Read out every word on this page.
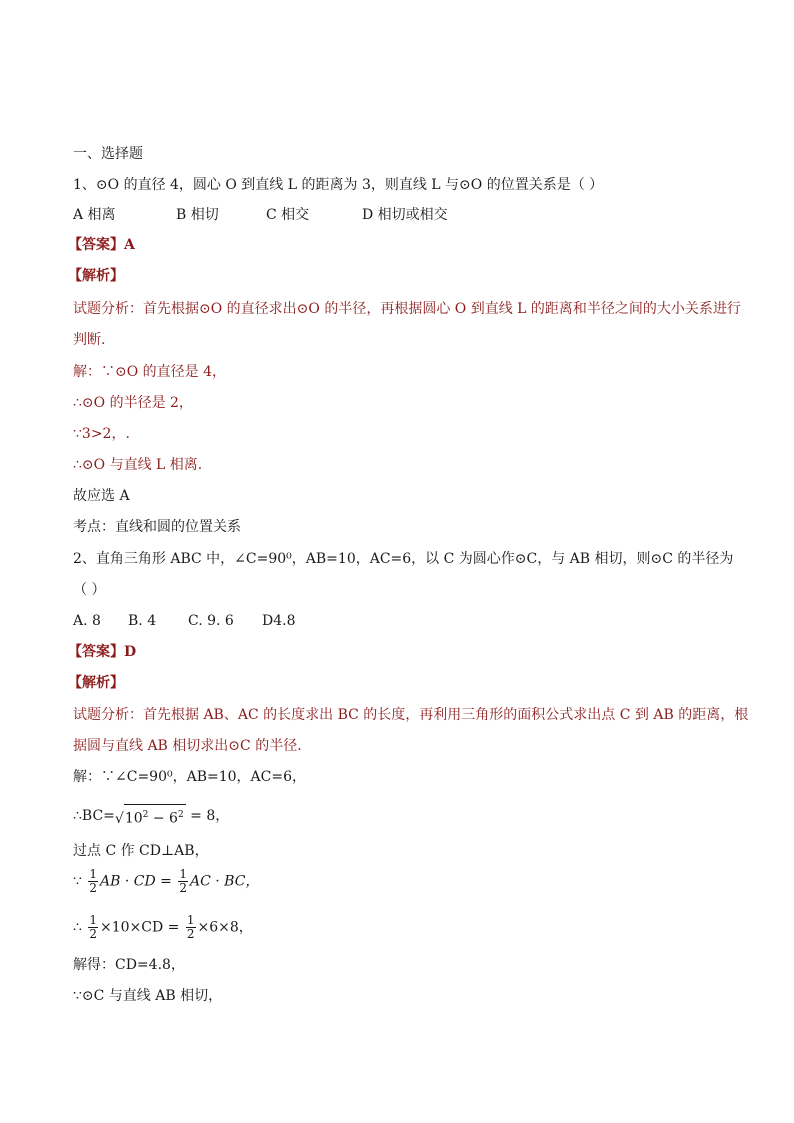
一、选择题
1、⊙O 的直径 4，圆心 O 到直线 L 的距离为 3，则直线 L 与⊙O 的位置关系是（ ）
A 相离	B 相切	C 相交	D 相切或相交
【答案】A
【解析】
试题分析：首先根据⊙O 的直径求出⊙O 的半径，再根据圆心 O 到直线 L 的距离和半径之间的大小关系进行
判断.
解：∵⊙O 的直径是 4，
∴⊙O 的半径是 2，
∵3>2，.
∴⊙O 与直线 L 相离.
故应选 A
考点：直线和圆的位置关系
2、直角三角形 ABC 中，∠C=90⁰，AB=10，AC=6，以 C 为圆心作⊙C，与 AB 相切，则⊙C 的半径为
（ ）
A. 8 B. 4 C. 9. 6 D4.8
【答案】D
【解析】
试题分析：首先根据 AB、AC 的长度求出 BC 的长度，再利用三角形的面积公式求出点 C 到 AB 的距离，根
据圆与直线 AB 相切求出⊙C 的半径.
解：∵∠C=90⁰，AB=10，AC=6，
∴BC= √ $10^2 - 6^2 = 8$，
过点 C 作 CD⊥AB，
∵ $\frac{1}{2}$ AB · CD = $\frac{1}{2}$ AC · BC，
∴ $\frac{1}{2} \times 10\times CD = \frac{1}{2} \times 6\times 8$，
解得：CD=4.8，
∵⊙C 与直线 AB 相切，
